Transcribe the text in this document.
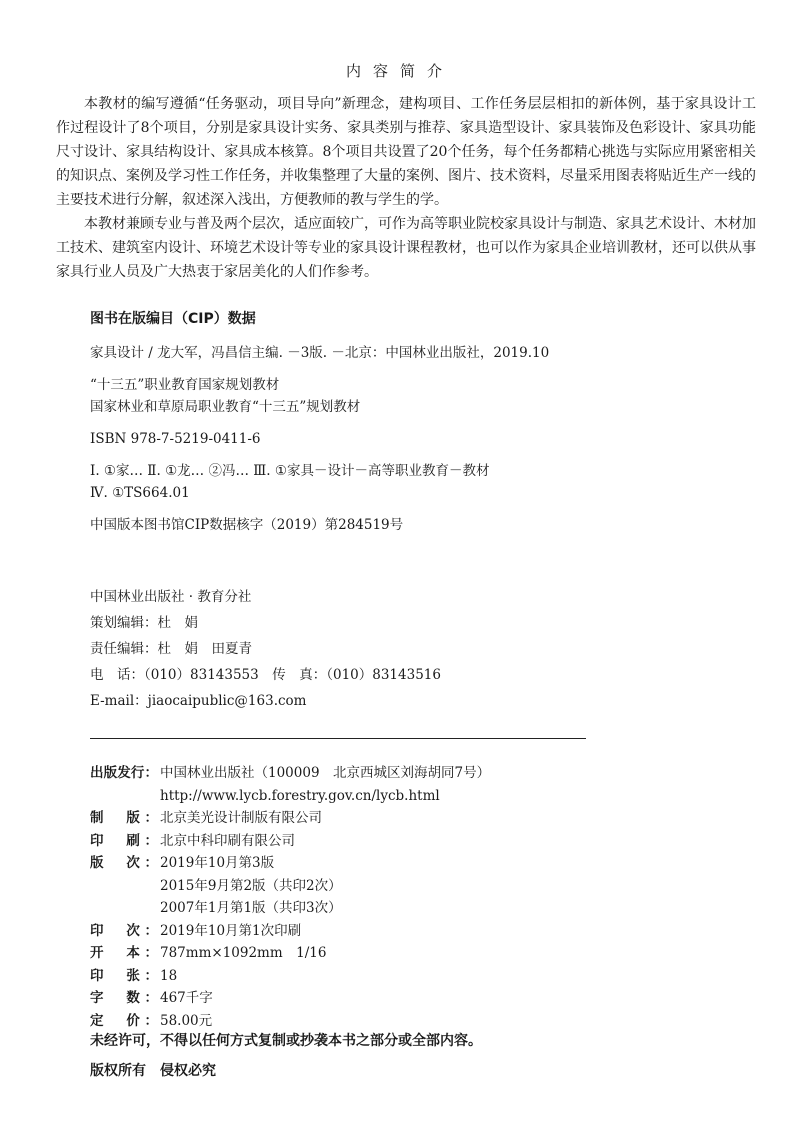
内容简介

本教材的编写遵循“任务驱动，项目导向”新理念，建构项目、工作任务层层相扣的新体例，基于家具设计工作过程设计了8个项目，分别是家具设计实务、家具类别与推荐、家具造型设计、家具装饰及色彩设计、家具功能尺寸设计、家具结构设计、家具成本核算。8个项目共设置了20个任务，每个任务都精心挑选与实际应用紧密相关的知识点、案例及学习性工作任务，并收集整理了大量的案例、图片、技术资料，尽量采用图表将贴近生产一线的主要技术进行分解，叙述深入浅出，方便教师的教与学生的学。

本教材兼顾专业与普及两个层次，适应面较广，可作为高等职业院校家具设计与制造、家具艺术设计、木材加工技术、建筑室内设计、环境艺术设计等专业的家具设计课程教材，也可以作为家具企业培训教材，还可以供从事家具行业人员及广大热衷于家居美化的人们作参考。

图书在版编目（CIP）数据
家具设计 / 龙大军，冯昌信主编. －3版. －北京：中国林业出版社，2019.10
“十三五”职业教育国家规划教材
国家林业和草原局职业教育“十三五”规划教材
ISBN 978-7-5219-0411-6
Ⅰ. ①家… Ⅱ. ①龙… ②冯… Ⅲ. ①家具－设计－高等职业教育－教材
Ⅳ. ①TS664.01
中国版本图书馆CIP数据核字（2019）第284519号
中国林业出版社 · 教育分社
策划编辑：杜　娟
责任编辑：杜　娟　田夏青
电　话：（010）83143553　传　真：（010）83143516
E-mail：jiaocaipublic@163.com
出版发行： 中国林业出版社（100009　北京西城区刘海胡同7号）
http://www.lycb.forestry.gov.cn/lycb.html
制　版： 北京美光设计制版有限公司
印　刷： 北京中科印刷有限公司
版　次： 2019年10月第3版
2015年9月第2版（共印2次）
2007年1月第1版（共印3次）
印　次： 2019年10月第1次印刷
开　本： 787mm×1092mm　1/16
印　张： 18
字　数： 467千字
定　价： 58.00元
未经许可，不得以任何方式复制或抄袭本书之部分或全部内容。
版权所有　侵权必究
